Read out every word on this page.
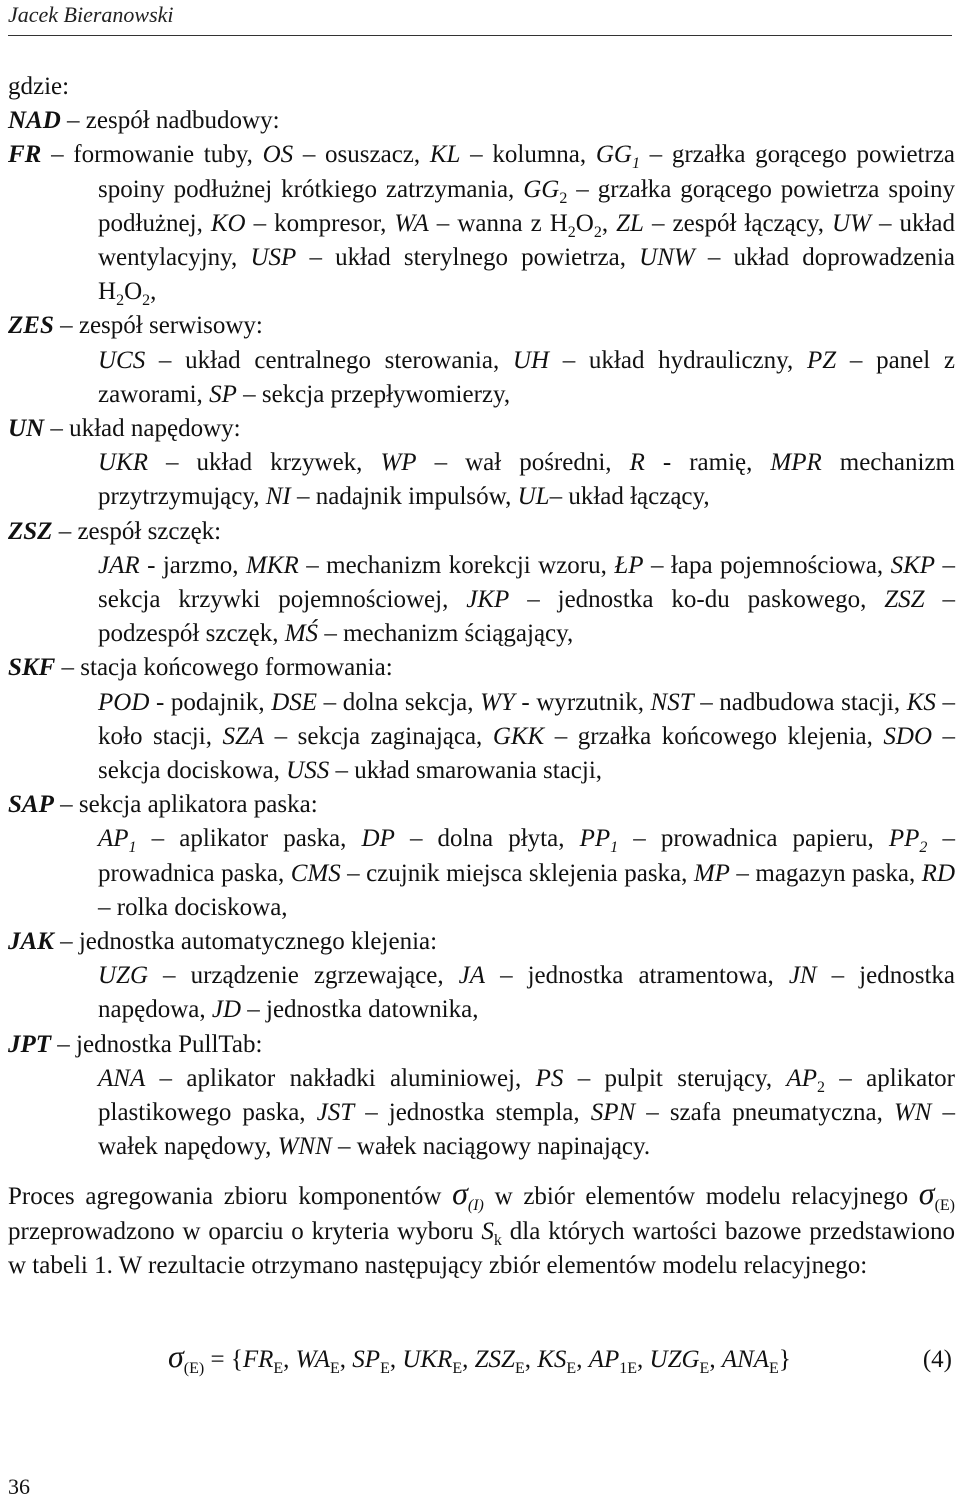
Jacek Bieranowski

gdzie:

NAD – zespół nadbudowy:

FR – formowanie tuby, OS – osuszacz, KL – kolumna, $GG_1$ – grzałka gorącego powietrza spoiny podłużnej krótkiego zatrzymania, $GG_2$ – grzałka gorącego powietrza spoiny podłużnej, KO – kompresor, WA – wanna z $H_2O_2$, ZL – zespół łączący, UW – układ wentylacyjny, USP – układ sterylnego powietrza, UNW – układ doprowadzenia $H_2O_2$,

ZES – zespół serwisowy:

UCS – układ centralnego sterowania, UH – układ hydrauliczny, PZ – panel z zaworami, SP – sekcja przepływomierzy,

UN – układ napędowy:

UKR – układ krzywek, WP – wał pośredni, R - ramię, MPR mechanizm przytrzymujący, NI – nadajnik impulsów, UL– układ łączący,

ZSZ – zespół szczęk:

JAR - jarzmo, MKR – mechanizm korekcji wzoru, ŁP – łapa pojemnościowa, SKP – sekcja krzywki pojemnościowej, JKP – jednostka ko-du paskowego, ZSZ – podzespół szczęk, MŚ – mechanizm ściągający,

SKF – stacja końcowego formowania:

POD - podajnik, DSE – dolna sekcja, WY - wyrzutnik, NST – nadbudowa stacji, KS – koło stacji, SZA – sekcja zaginająca, GKK – grzałka końcowego klejenia, SDO – sekcja dociskowa, USS – układ smarowania stacji,

SAP – sekcja aplikatora paska:

$AP_1$ – aplikator paska, DP – dolna płyta, $PP_1$ – prowadnica papieru, $PP_2$ – prowadnica paska, CMS – czujnik miejsca sklejenia paska, MP – magazyn paska, RD – rolka dociskowa,

JAK – jednostka automatycznego klejenia:

UZG – urządzenie zgrzewające, JA – jednostka atramentowa, JN – jednostka napędowa, JD – jednostka datownika,

JPT – jednostka PullTab:

ANA – aplikator nakładki aluminiowej, PS – pulpit sterujący, $AP_2$ – aplikator plastikowego paska, JST – jednostka stempla, SPN – szafa pneumatyczna, WN – wałek napędowy, WNN – wałek naciągowy napinający.

Proces agregowania zbioru komponentów $\sigma_{(I)}$ w zbiór elementów modelu relacyjnego $\sigma_{(E)}$ przeprowadzono w oparciu o kryteria wyboru $S_k$ dla których wartości bazowe przedstawiono w tabeli 1. W rezultacie otrzymano następujący zbiór elementów modelu relacyjnego:

$\sigma_{(E)} = \{FR_E$, $WA_E$, $SP_E$, $UKR_E$, $ZSZ_E$, $KS_E$, $AP_{1E}$, $UZG_E$, $ANA_E$}	(4)
36
